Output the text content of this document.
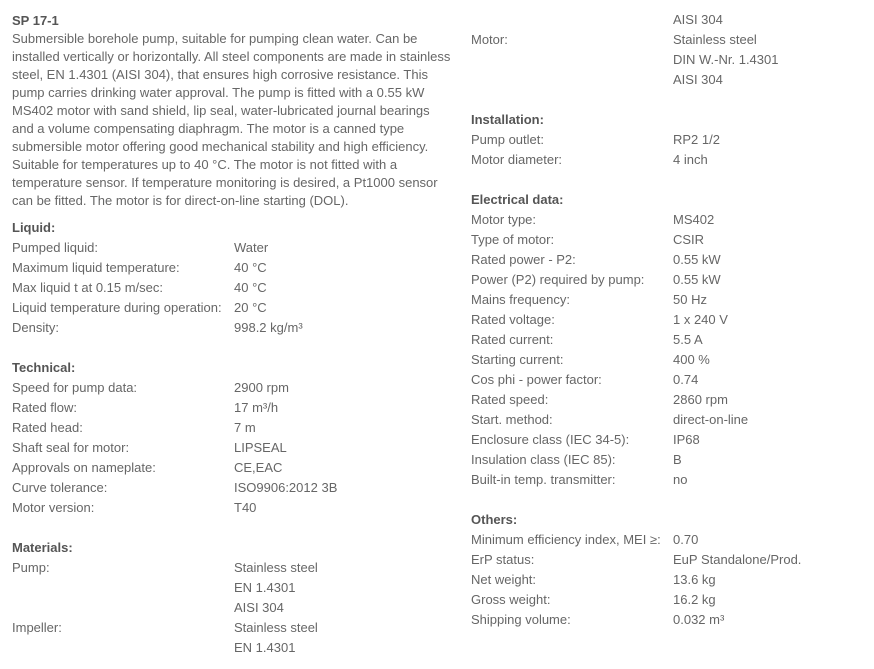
SP 17-1

Submersible borehole pump, suitable for pumping clean water. Can be installed vertically or horizontally. All steel components are made in stainless steel, EN 1.4301 (AISI 304), that ensures high corrosive resistance. This pump carries drinking water approval. The pump is fitted with a 0.55 kW MS402 motor with sand shield, lip seal, water-lubricated journal bearings and a volume compensating diaphragm. The motor is a canned type submersible motor offering good mechanical stability and high efficiency. Suitable for temperatures up to 40 °C. The motor is not fitted with a temperature sensor. If temperature monitoring is desired, a Pt1000 sensor can be fitted. The motor is for direct-on-line starting (DOL).

Liquid:
Pumped liquid:	Water
Maximum liquid temperature:	40 °C
Max liquid t at 0.15 m/sec:	40 °C
Liquid temperature during operation: 20 °C
Density:	998.2 kg/m³
Technical:
Speed for pump data:	2900 rpm
Rated flow:	17 m³/h
Rated head:	7 m
Shaft seal for motor:	LIPSEAL
Approvals on nameplate:	CE,EAC
Curve tolerance:	ISO9906:2012 3B
Motor version:	T40
Materials:
Pump:	Stainless steel
EN 1.4301
AISI 304
Impeller:	Stainless steel
EN 1.4301
AISI 304
Motor:	Stainless steel
DIN W.-Nr. 1.4301
AISI 304
Installation:
Pump outlet:	RP2 1/2
Motor diameter:	4 inch
Electrical data:
Motor type:	MS402
Type of motor:	CSIR
Rated power - P2:	0.55 kW
Power (P2) required by pump:	0.55 kW
Mains frequency:	50 Hz
Rated voltage:	1 x 240 V
Rated current:	5.5 A
Starting current:	400 %
Cos phi - power factor:	0.74
Rated speed:	2860 rpm
Start. method:	direct-on-line
Enclosure class (IEC 34-5):	IP68
Insulation class (IEC 85):	B
Built-in temp. transmitter:	no
Others:
Minimum efficiency index, MEI ≥: 0.70
ErP status:	EuP Standalone/Prod.
Net weight:	13.6 kg
Gross weight:	16.2 kg
Shipping volume:	0.032 m³
